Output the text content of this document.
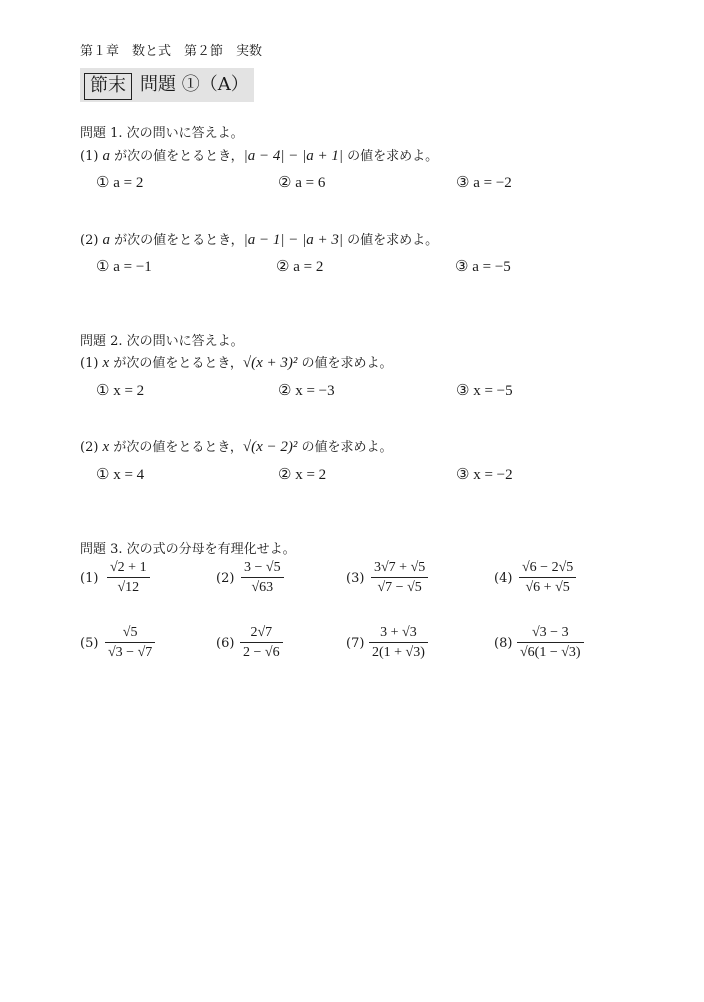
第１章　数と式　第２節　実数
節末 問題 ①（A）
問題 1. 次の問いに答えよ。
(1) a が次の値をとるとき，|a − 4| − |a + 1| の値を求めよ。
① a = 2	② a = 6	③ a = −2
(2) a が次の値をとるとき，|a − 1| − |a + 3| の値を求めよ。
① a = −1	② a = 2	③ a = −5
問題 2. 次の問いに答えよ。
(1) x が次の値をとるとき，√(x + 3)² の値を求めよ。
① x = 2	② x = −3	③ x = −5
(2) x が次の値をとるとき，√(x − 2)² の値を求めよ。
① x = 4	② x = 2	③ x = −2
問題 3. 次の式の分母を有理化せよ。
$(1) \frac{√2 + 1}{√12}$	$(2) \frac{3 - √5}{√63}$	$(3) \frac{3√7 + √5}{√7 - √5}$	$(4) \frac{√6 - 2√5}{√6 + √5}$
$(5) \frac{√5}{√3 - √7}$	$(6) \frac{2√7}{2 - √6}$	$(7) \frac{3 + √3}{2(1 + √3)}$	$(8) \frac{√3 - 3}{√6(1 - √3)}$
